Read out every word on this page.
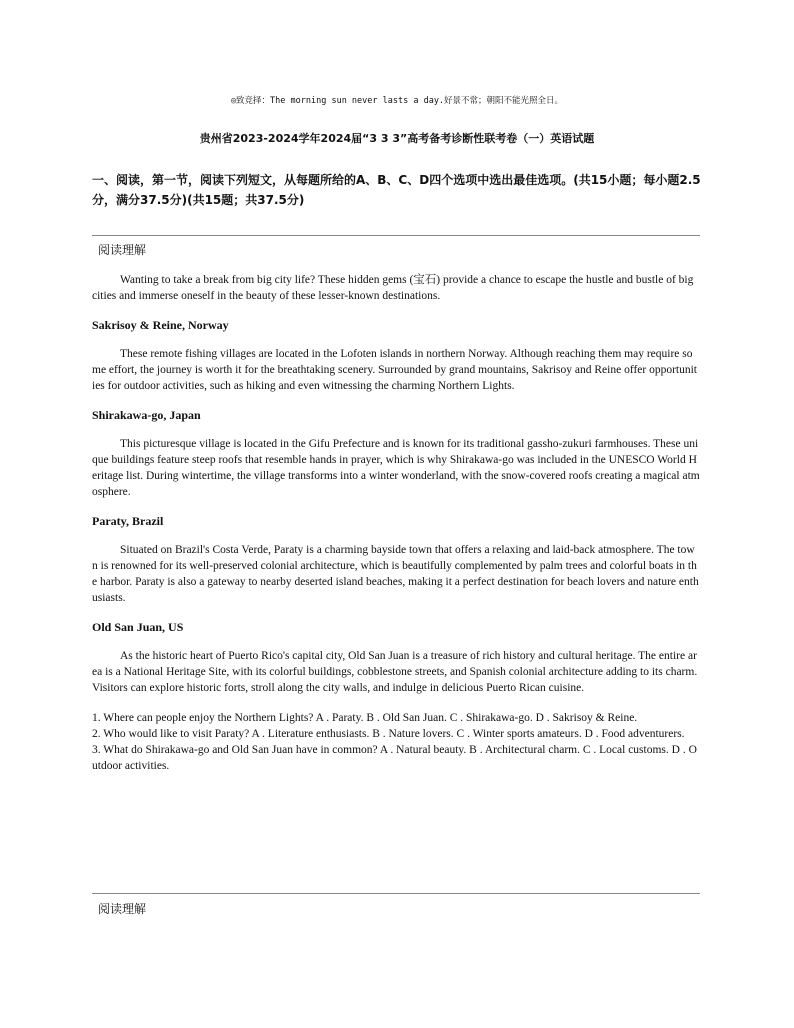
◎致竞择：The morning sun never lasts a day.好景不常；朝阳不能光照全日。
贵州省2023-2024学年2024届“3 3 3”高考备考诊断性联考卷（一）英语试题
一、阅读，第一节，阅读下列短文，从每题所给的A、B、C、D四个选项中选出最佳选项。(共15小题；每小题2.5分，满分37.5分)(共15题；共37.5分)
阅读理解

Wanting to take a break from big city life? These hidden gems (宝石) provide a chance to escape the hustle and bustle of big cities and immerse oneself in the beauty of these lesser-known destinations.

Sakrisoy & Reine, Norway

These remote fishing villages are located in the Lofoten islands in northern Norway. Although reaching them may require some effort, the journey is worth it for the breathtaking scenery. Surrounded by grand mountains, Sakrisoy and Reine offer opportunities for outdoor activities, such as hiking and even witnessing the charming Northern Lights.

Shirakawa-go, Japan

This picturesque village is located in the Gifu Prefecture and is known for its traditional gassho-zukuri farmhouses. These unique buildings feature steep roofs that resemble hands in prayer, which is why Shirakawa-go was included in the UNESCO World Heritage list. During wintertime, the village transforms into a winter wonderland, with the snow-covered roofs creating a magical atmosphere.

Paraty, Brazil

Situated on Brazil's Costa Verde, Paraty is a charming bayside town that offers a relaxing and laid-back atmosphere. The town is renowned for its well-preserved colonial architecture, which is beautifully complemented by palm trees and colorful boats in the harbor. Paraty is also a gateway to nearby deserted island beaches, making it a perfect destination for beach lovers and nature enthusiasts.

Old San Juan, US

As the historic heart of Puerto Rico's capital city, Old San Juan is a treasure of rich history and cultural heritage. The entire area is a National Heritage Site, with its colorful buildings, cobblestone streets, and Spanish colonial architecture adding to its charm. Visitors can explore historic forts, stroll along the city walls, and indulge in delicious Puerto Rican cuisine.

1. Where can people enjoy the Northern Lights? A . Paraty. B . Old San Juan. C . Shirakawa-go. D . Sakrisoy & Reine.

2. Who would like to visit Paraty? A . Literature enthusiasts. B . Nature lovers. C . Winter sports amateurs. D . Food adventurers.

3. What do Shirakawa-go and Old San Juan have in common? A . Natural beauty. B . Architectural charm. C . Local customs. D . Outdoor activities.

阅读理解
